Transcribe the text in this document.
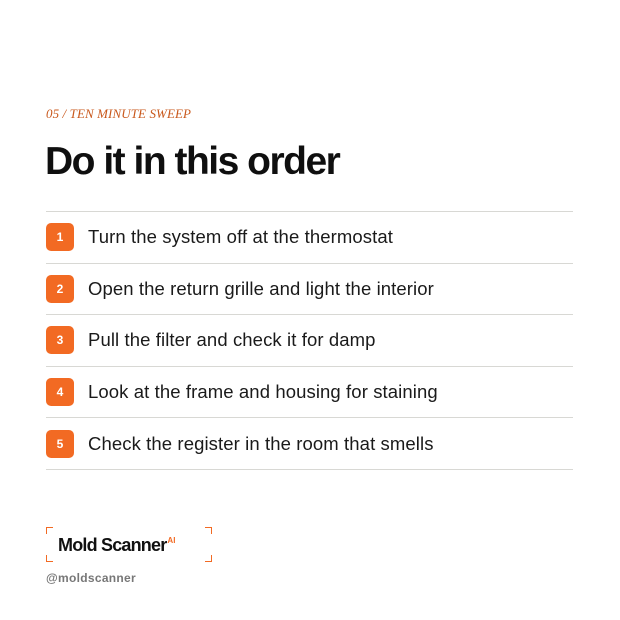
05 / TEN MINUTE SWEEP
Do it in this order
1	Turn the system off at the thermostat
2	Open the return grille and light the interior
3	Pull the filter and check it for damp
4	Look at the frame and housing for staining
5	Check the register in the room that smells
Mold Scanner$^{AI}$
@moldscanner
